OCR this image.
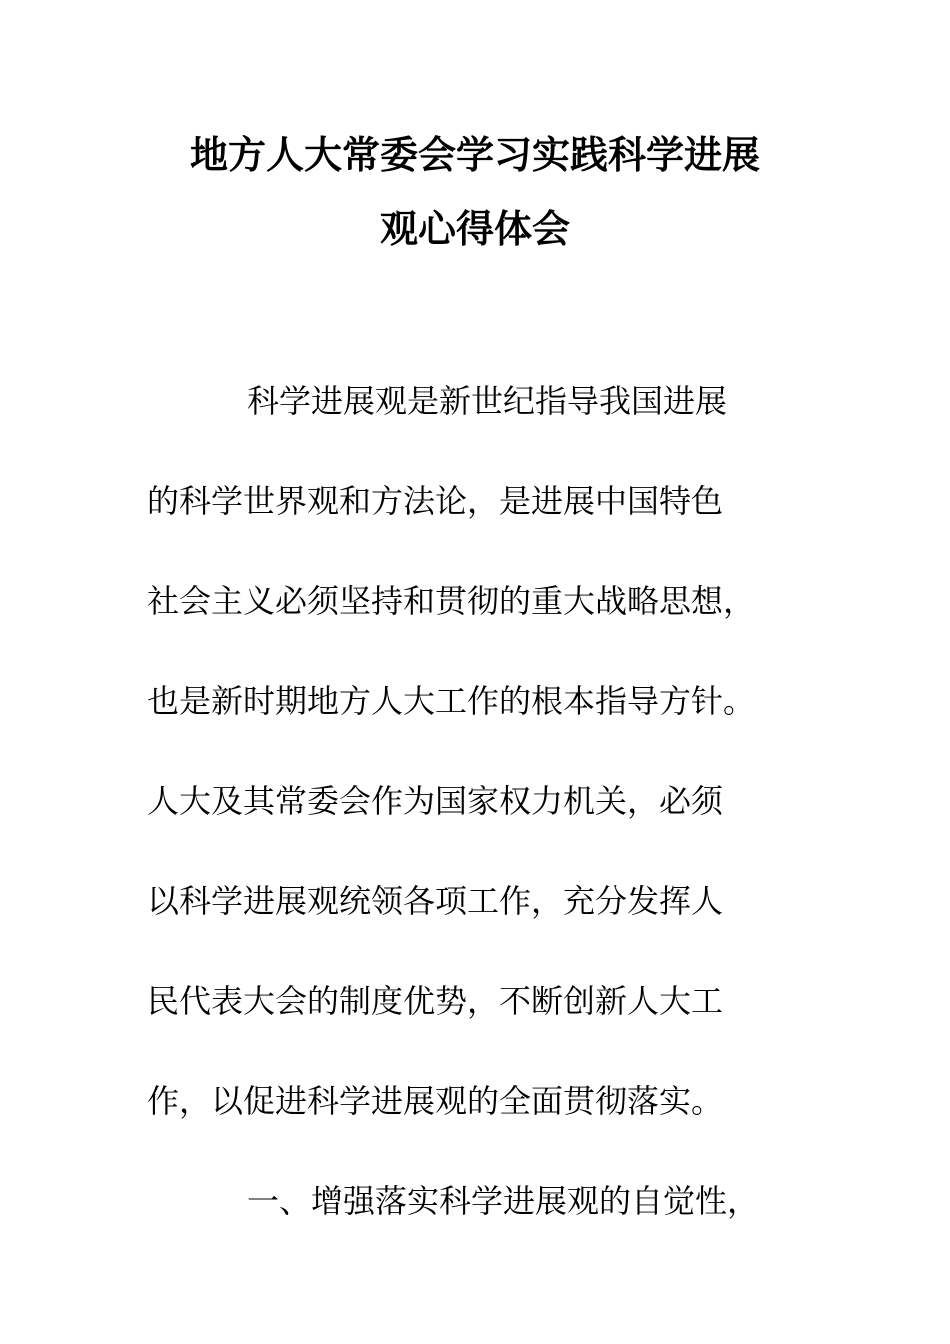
地方人大常委会学习实践科学进展
观心得体会
科学进展观是新世纪指导我国进展
的科学世界观和方法论，是进展中国特色
社会主义必须坚持和贯彻的重大战略思想，
也是新时期地方人大工作的根本指导方针。
人大及其常委会作为国家权力机关，必须
以科学进展观统领各项工作，充分发挥人
民代表大会的制度优势，不断创新人大工
作，以促进科学进展观的全面贯彻落实。
一、增强落实科学进展观的自觉性，
